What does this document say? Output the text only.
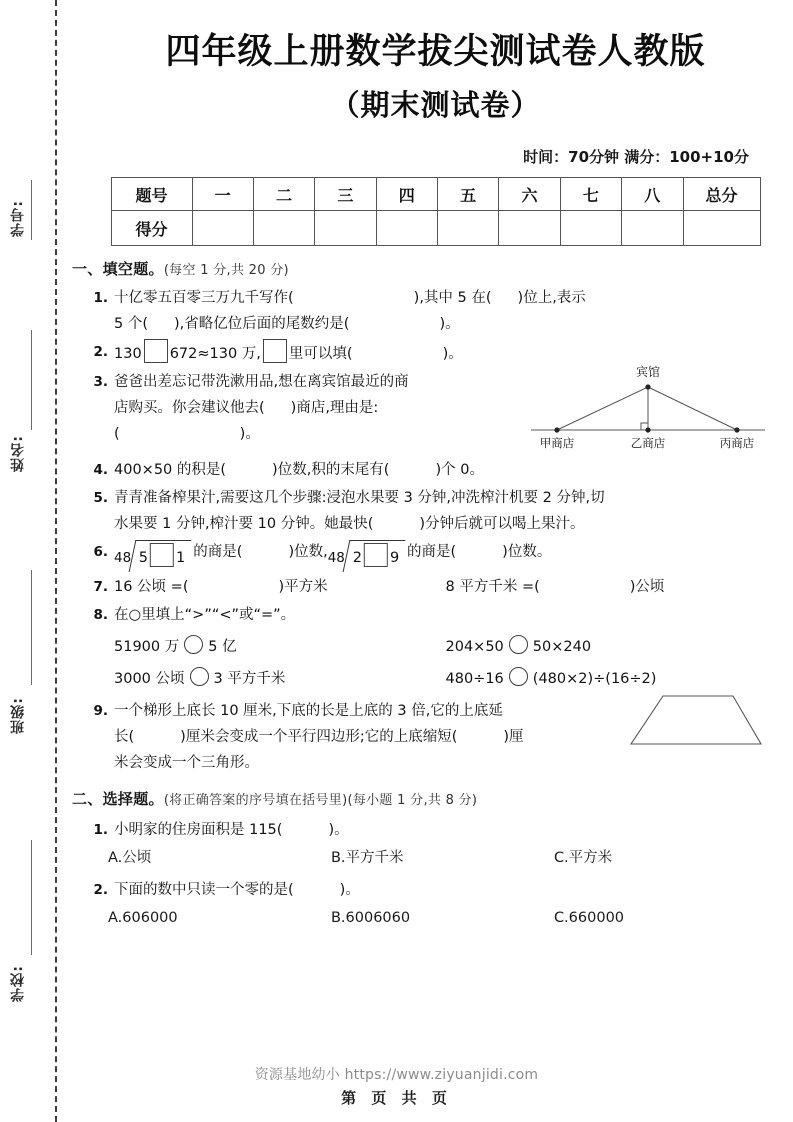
学号:
姓名:
班级:
学校:
四年级上册数学拔尖测试卷人教版
（期末测试卷）
时间：70分钟 满分：100+10分
题号	一	二	三	四	五	六	七	八	总分
得分									
一、填空题。(每空 1 分,共 20 分)
1. 十亿零五百零三万九千写作(	),其中 5 在( )位上,表示
5 个( ),省略亿位后面的尾数约是(	)。
2. 130 672≈130 万, 里可以填(	)。
宾馆
甲商店	乙商店	丙商店
3. 爸爸出差忘记带洗漱用品,想在离宾馆最近的商
店购买。你会建议他去( )商店,理由是:
(	)。
4. 400×50 的积是(	)位数,积的末尾有(	)个 0。
5. 青青准备榨果汁,需要这几个步骤:浸泡水果要 3 分钟,冲洗榨汁机要 2 分钟,切
水果要 1 分钟,榨汁要 10 分钟。她最快(	)分钟后就可以喝上果汁。
6. 48 5 1 的商是(	)位数,48 2 9 的商是(	)位数。
7. 16 公顷 =(	)平方米	8 平方千米 =(	)公顷
8. 在○里填上“>”“<”或“=”。
51900 万 5 亿	204×50 50×240
3000 公顷 3 平方千米	480÷16 (480×2)÷(16÷2)
9. 一个梯形上底长 10 厘米,下底的长是上底的 3 倍,它的上底延
长(	)厘米会变成一个平行四边形;它的上底缩短(	)厘
米会变成一个三角形。
二、选择题。(将正确答案的序号填在括号里)(每小题 1 分,共 8 分)
1. 小明家的住房面积是 115(	)。
A.公顷	B.平方千米	C.平方米
2. 下面的数中只读一个零的是(	)。
A.606000	B.6006060	C.660000
资源基地幼小 https://www.ziyuanjidi.com
第 页 共 页
